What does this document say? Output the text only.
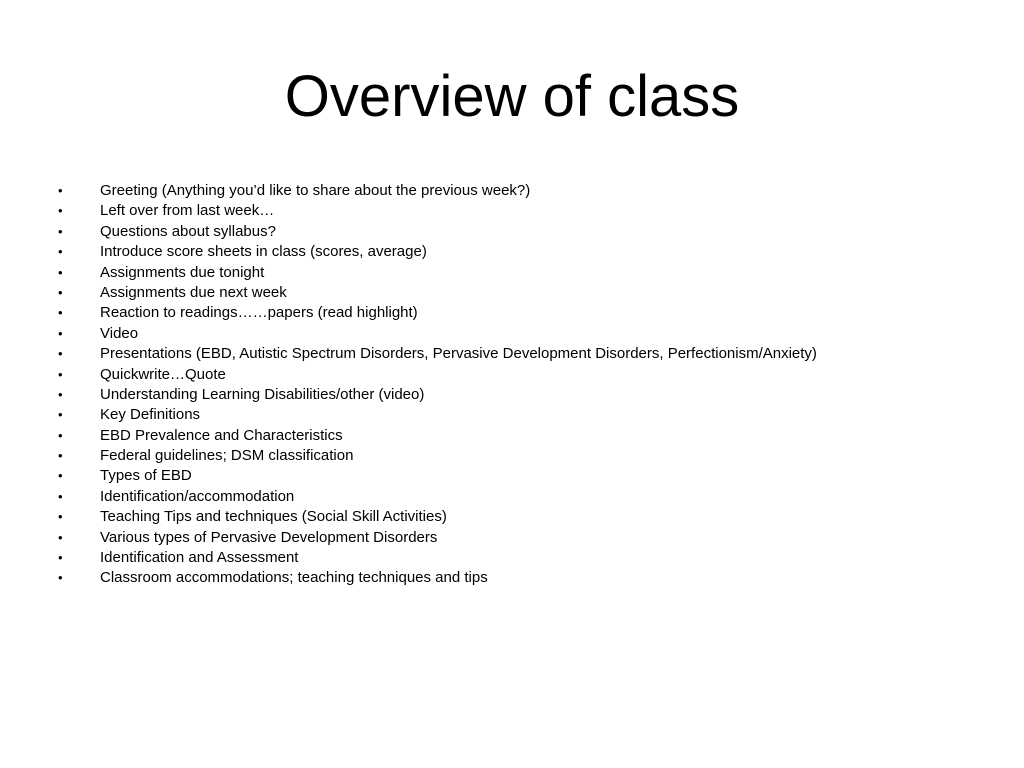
Overview of class
•	Greeting (Anything you’d like to share about the previous week?)
•	Left over from last week…
•	Questions about syllabus?
•	Introduce score sheets in class (scores, average)
•	Assignments due tonight
•	Assignments due next week
•	Reaction to readings……papers (read highlight)
•	Video
•	Presentations (EBD, Autistic Spectrum Disorders, Pervasive Development Disorders, Perfectionism/Anxiety)
•	Quickwrite…Quote
•	Understanding Learning Disabilities/other (video)
•	Key Definitions
•	EBD Prevalence and Characteristics
•	Federal guidelines; DSM classification
•	Types of EBD
•	Identification/accommodation
•	Teaching Tips and techniques (Social Skill Activities)
•	Various types of Pervasive Development Disorders
•	Identification and Assessment
•	Classroom accommodations; teaching techniques and tips
